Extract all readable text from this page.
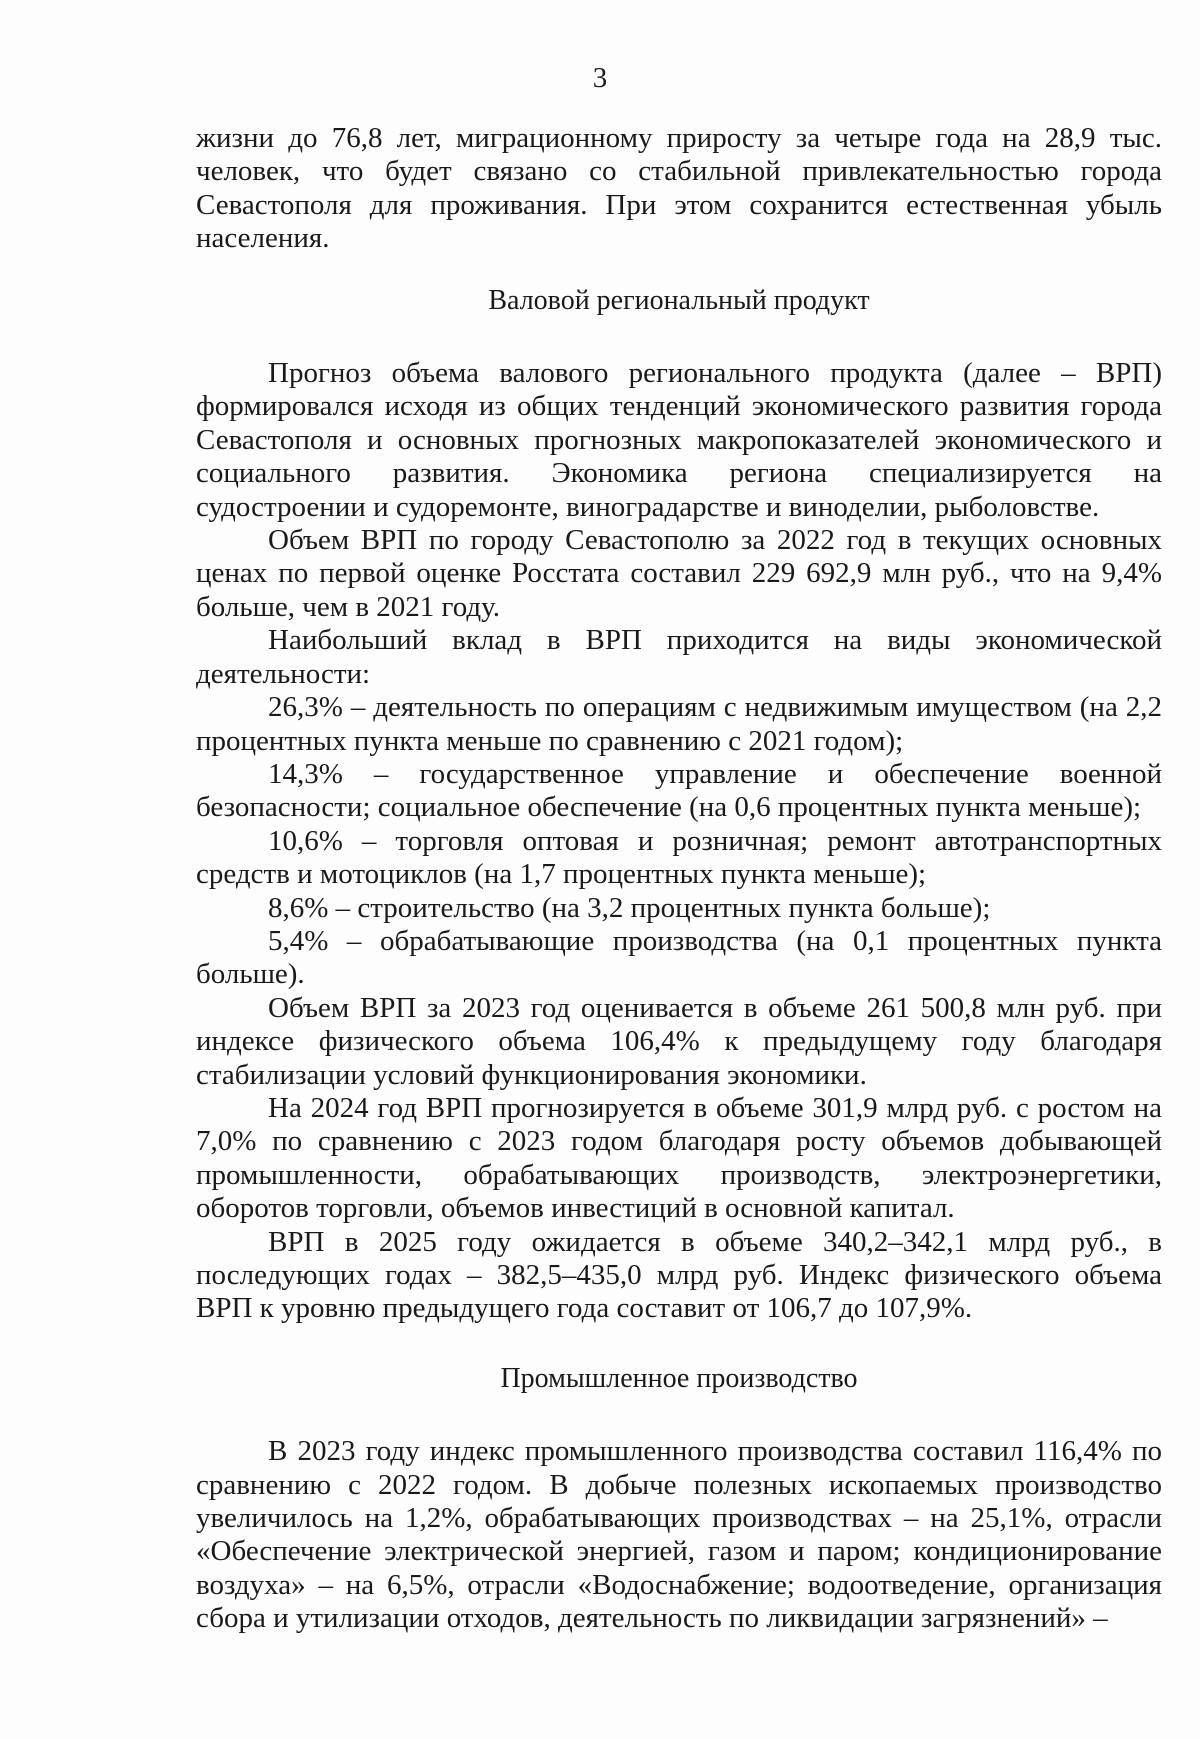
3

жизни до 76,8 лет, миграционному приросту за четыре года на 28,9 тыс. человек, что будет связано со стабильной привлекательностью города Севастополя для проживания. При этом сохранится естественная убыль населения.

Валовой региональный продукт

Прогноз объема валового регионального продукта (далее – ВРП) формировался исходя из общих тенденций экономического развития города Севастополя и основных прогнозных макропоказателей экономического и социального развития. Экономика региона специализируется на судостроении и судоремонте, виноградарстве и виноделии, рыболовстве.

Объем ВРП по городу Севастополю за 2022 год в текущих основных ценах по первой оценке Росстата составил 229 692,9 млн руб., что на 9,4% больше, чем в 2021 году.

Наибольший вклад в ВРП приходится на виды экономической деятельности:

26,3% – деятельность по операциям с недвижимым имуществом (на 2,2 процентных пункта меньше по сравнению с 2021 годом);

14,3% – государственное управление и обеспечение военной безопасности; социальное обеспечение (на 0,6 процентных пункта меньше);

10,6% – торговля оптовая и розничная; ремонт автотранспортных средств и мотоциклов (на 1,7 процентных пункта меньше);

8,6% – строительство (на 3,2 процентных пункта больше);

5,4% – обрабатывающие производства (на 0,1 процентных пункта больше).

Объем ВРП за 2023 год оценивается в объеме 261 500,8 млн руб. при индексе физического объема 106,4% к предыдущему году благодаря стабилизации условий функционирования экономики.

На 2024 год ВРП прогнозируется в объеме 301,9 млрд руб. с ростом на 7,0% по сравнению с 2023 годом благодаря росту объемов добывающей промышленности, обрабатывающих производств, электроэнергетики, оборотов торговли, объемов инвестиций в основной капитал.

ВРП в 2025 году ожидается в объеме 340,2–342,1 млрд руб., в последующих годах – 382,5–435,0 млрд руб. Индекс физического объема ВРП к уровню предыдущего года составит от 106,7 до 107,9%.

Промышленное производство

В 2023 году индекс промышленного производства составил 116,4% по сравнению с 2022 годом. В добыче полезных ископаемых производство увеличилось на 1,2%, обрабатывающих производствах – на 25,1%, отрасли «Обеспечение электрической энергией, газом и паром; кондиционирование воздуха» – на 6,5%, отрасли «Водоснабжение; водоотведение, организация сбора и утилизации отходов, деятельность по ликвидации загрязнений» –
